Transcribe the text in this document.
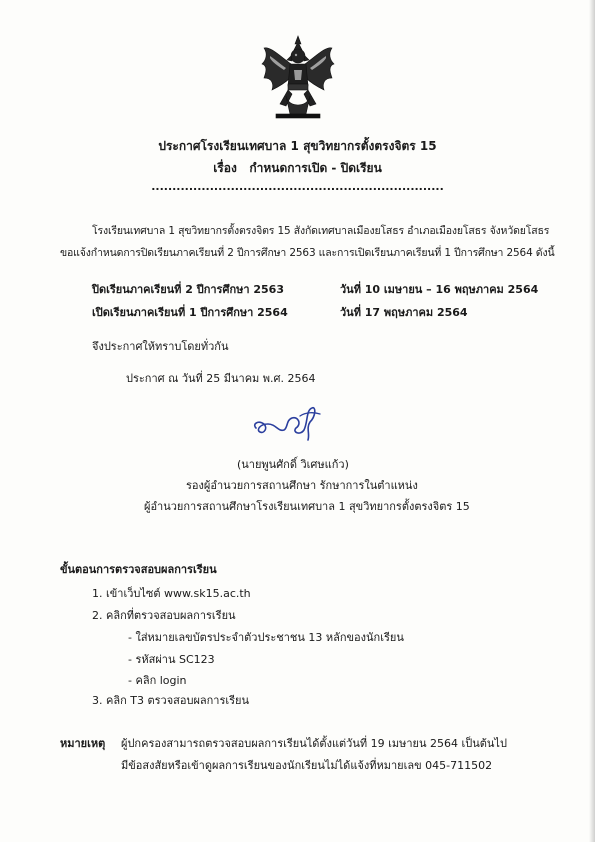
ประกาศโรงเรียนเทศบาล 1 สุขวิทยากรตั้งตรงจิตร 15
เรื่อง กำหนดการเปิด - ปิดเรียน
......................................................................
โรงเรียนเทศบาล 1 สุขวิทยากรตั้งตรงจิตร 15 สังกัดเทศบาลเมืองยโสธร อำเภอเมืองยโสธร จังหวัดยโสธร
ขอแจ้งกำหนดการปิดเรียนภาคเรียนที่ 2 ปีการศึกษา 2563 และการเปิดเรียนภาคเรียนที่ 1 ปีการศึกษา 2564 ดังนี้
ปิดเรียนภาคเรียนที่ 2 ปีการศึกษา 2563	วันที่ 10 เมษายน – 16 พฤษภาคม 2564
เปิดเรียนภาคเรียนที่ 1 ปีการศึกษา 2564	วันที่ 17 พฤษภาคม 2564
จึงประกาศให้ทราบโดยทั่วกัน
ประกาศ ณ วันที่ 25 มีนาคม พ.ศ. 2564
(นายพูนศักดิ์ วิเศษแก้ว)
รองผู้อำนวยการสถานศึกษา รักษาการในตำแหน่ง
ผู้อำนวยการสถานศึกษาโรงเรียนเทศบาล 1 สุขวิทยากรตั้งตรงจิตร 15
ขั้นตอนการตรวจสอบผลการเรียน
1. เข้าเว็บไซต์ www.sk15.ac.th
2. คลิกที่ตรวจสอบผลการเรียน
- ใส่หมายเลขบัตรประจำตัวประชาชน 13 หลักของนักเรียน
- รหัสผ่าน SC123
- คลิก login
3. คลิก T3 ตรวจสอบผลการเรียน
หมายเหตุ ผู้ปกครองสามารถตรวจสอบผลการเรียนได้ตั้งแต่วันที่ 19 เมษายน 2564 เป็นต้นไป
มีข้อสงสัยหรือเข้าดูผลการเรียนของนักเรียนไม่ได้แจ้งที่หมายเลข 045-711502
